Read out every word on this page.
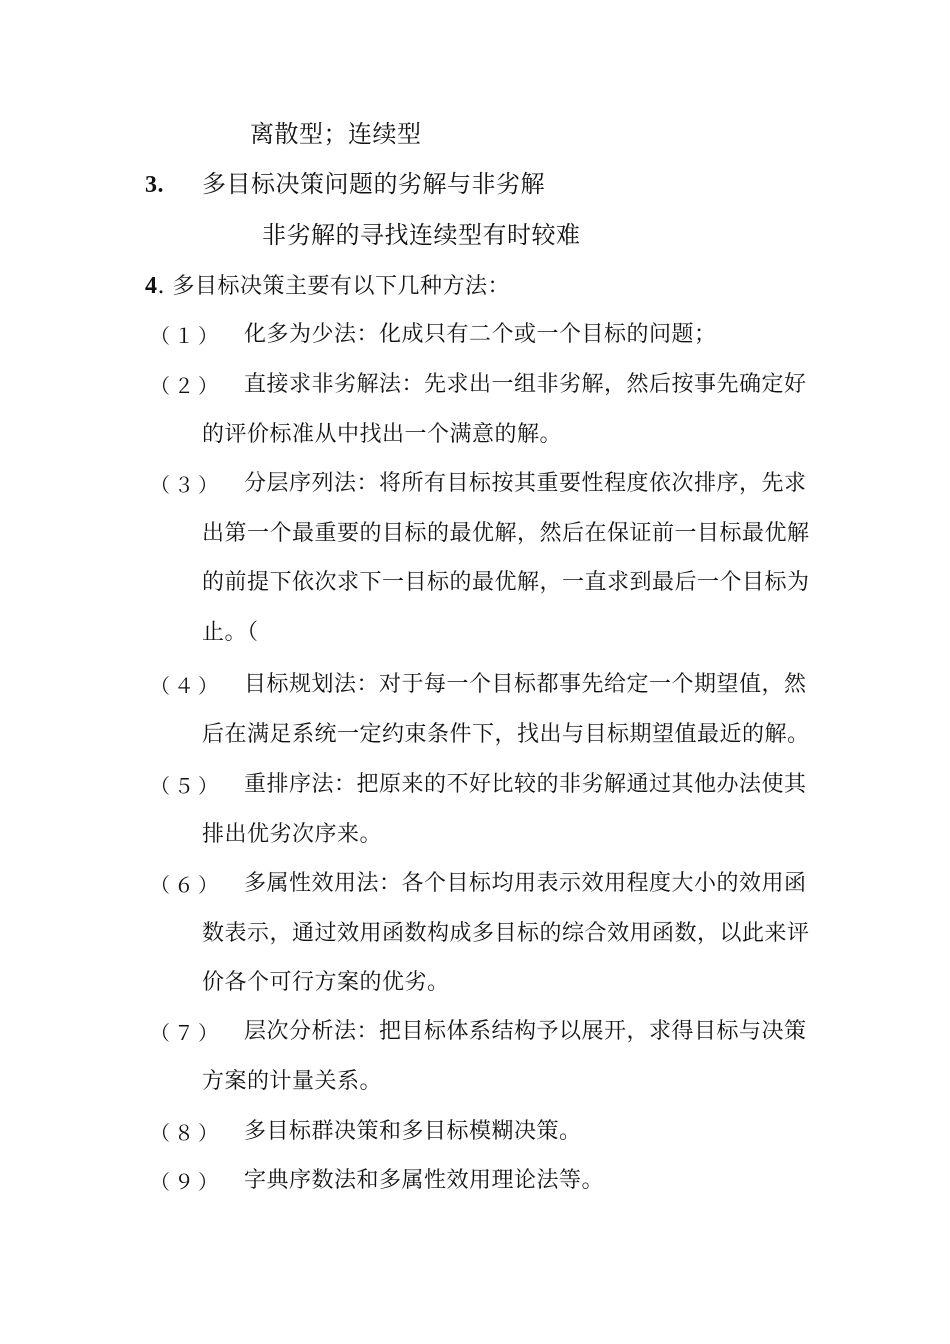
离散型；连续型
3. 多目标决策问题的劣解与非劣解
非劣解的寻找连续型有时较难
4. 多目标决策主要有以下几种方法：
（１） 化多为少法：化成只有二个或一个目标的问题；
（２） 直接求非劣解法：先求出一组非劣解，然后按事先确定好
的评价标准从中找出一个满意的解。
（３） 分层序列法：将所有目标按其重要性程度依次排序，先求
出第一个最重要的目标的最优解，然后在保证前一目标最优解
的前提下依次求下一目标的最优解，一直求到最后一个目标为
止。（
（４） 目标规划法：对于每一个目标都事先给定一个期望值，然
后在满足系统一定约束条件下，找出与目标期望值最近的解。
（５） 重排序法：把原来的不好比较的非劣解通过其他办法使其
排出优劣次序来。
（６） 多属性效用法：各个目标均用表示效用程度大小的效用函
数表示，通过效用函数构成多目标的综合效用函数，以此来评
价各个可行方案的优劣。
（７） 层次分析法：把目标体系结构予以展开，求得目标与决策
方案的计量关系。
（８） 多目标群决策和多目标模糊决策。
（９） 字典序数法和多属性效用理论法等。
